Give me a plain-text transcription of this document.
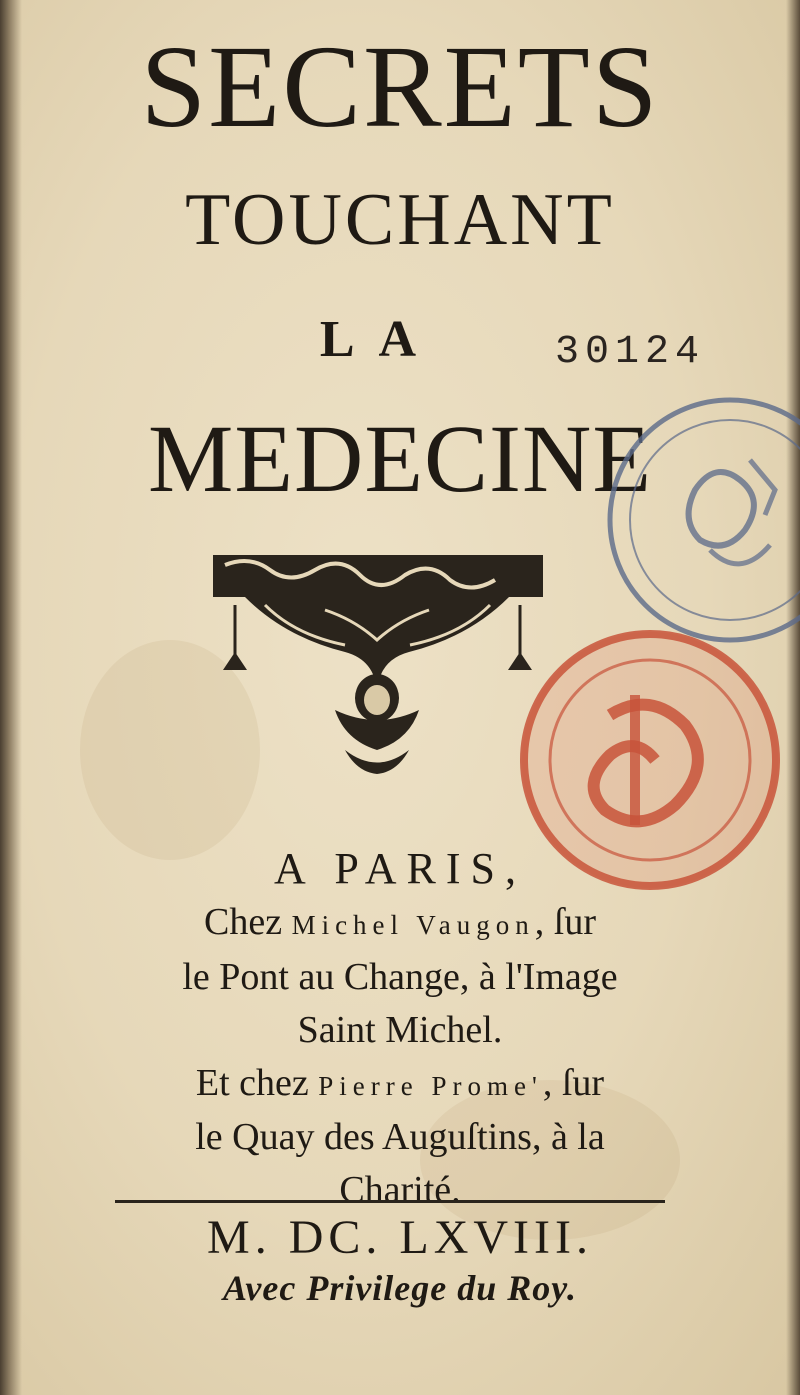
SECRETS
TOUCHANT
LA	30124
MEDECINE
A PARIS,
Chez Michel Vaugon, ſur
le Pont au Change, à l'Image
Saint Michel.
Et chez Pierre Prome', ſur
le Quay des Auguſtins, à la
Charité.
M. DC. LXVIII.
Avec Privilege du Roy.
